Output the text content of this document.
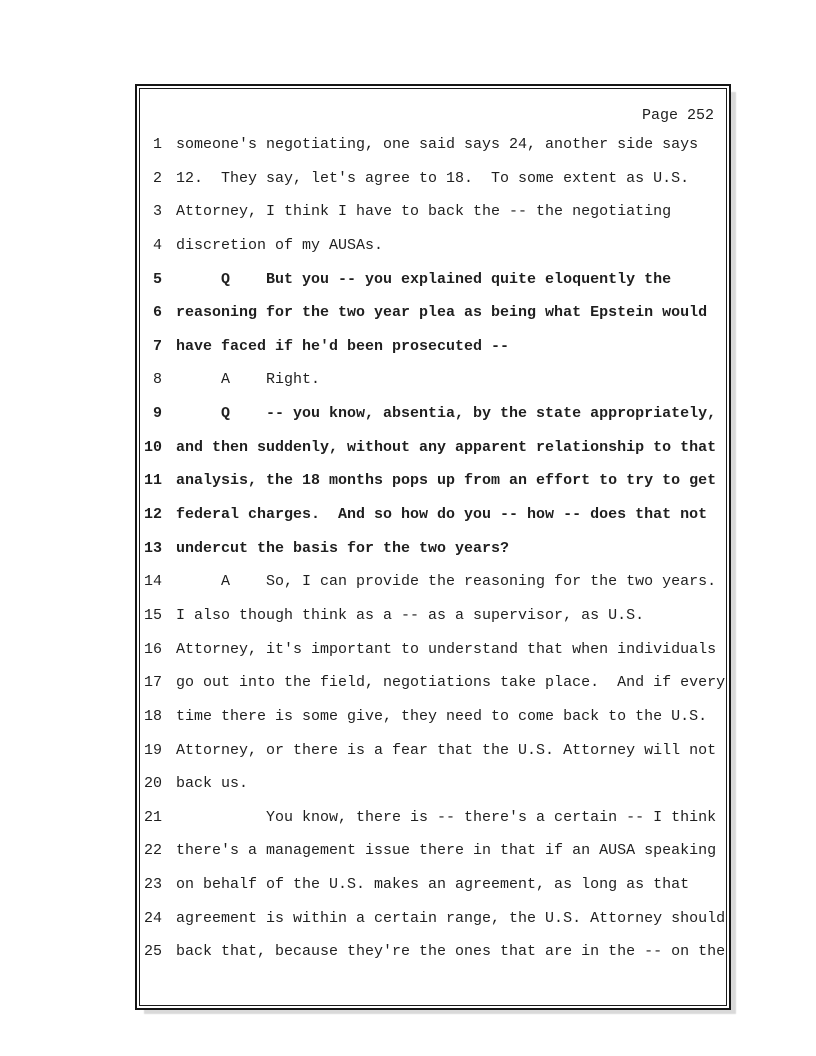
Page 252
1 someone's negotiating, one said says 24, another side says
2 12.  They say, let's agree to 18.  To some extent as U.S.
3 Attorney, I think I have to back the -- the negotiating
4 discretion of my AUSAs.
5 Q    But you -- you explained quite eloquently the
6 reasoning for the two year plea as being what Epstein would
7 have faced if he'd been prosecuted --
8 A    Right.
9 Q    -- you know, absentia, by the state appropriately,
10 and then suddenly, without any apparent relationship to that
11 analysis, the 18 months pops up from an effort to try to get
12 federal charges.  And so how do you -- how -- does that not
13 undercut the basis for the two years?
14 A    So, I can provide the reasoning for the two years.
15 I also though think as a -- as a supervisor, as U.S.
16 Attorney, it's important to understand that when individuals
17 go out into the field, negotiations take place.  And if every
18 time there is some give, they need to come back to the U.S.
19 Attorney, or there is a fear that the U.S. Attorney will not
20 back us.
21 You know, there is -- there's a certain -- I think
22 there's a management issue there in that if an AUSA speaking
23 on behalf of the U.S. makes an agreement, as long as that
24 agreement is within a certain range, the U.S. Attorney should
25 back that, because they're the ones that are in the -- on the
